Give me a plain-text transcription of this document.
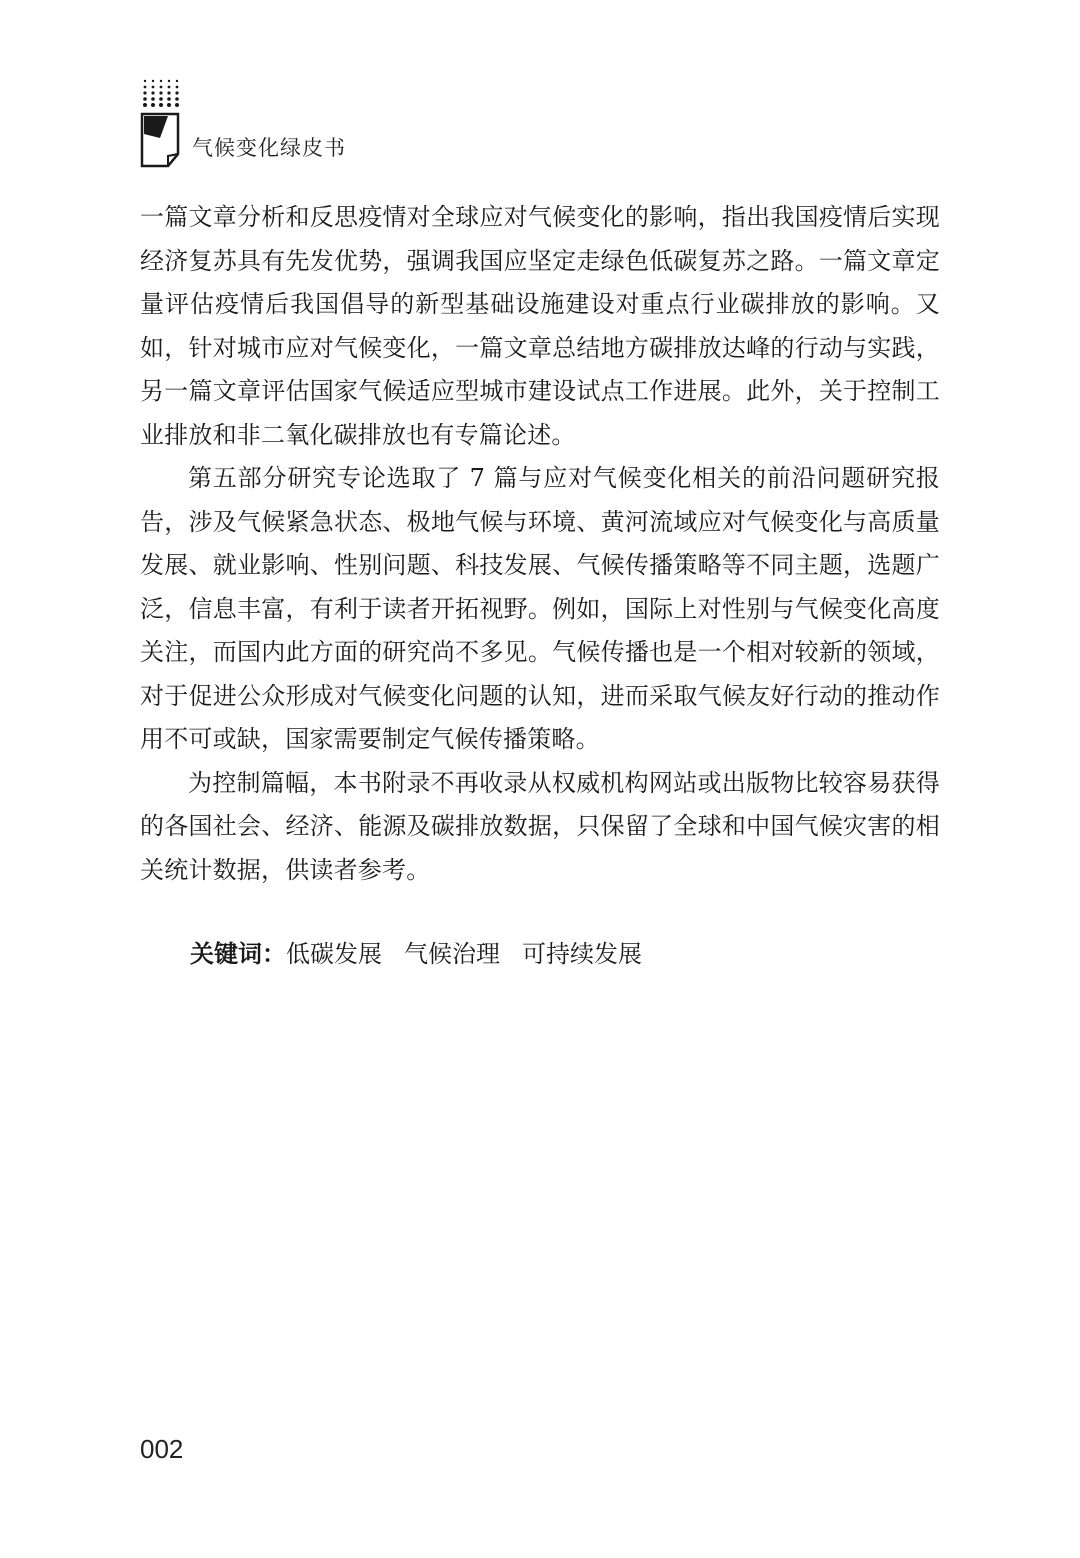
气候变化绿皮书

一篇文章分析和反思疫情对全球应对气候变化的影响，指出我国疫情后实现经济复苏具有先发优势，强调我国应坚定走绿色低碳复苏之路。一篇文章定量评估疫情后我国倡导的新型基础设施建设对重点行业碳排放的影响。又如，针对城市应对气候变化，一篇文章总结地方碳排放达峰的行动与实践，另一篇文章评估国家气候适应型城市建设试点工作进展。此外，关于控制工业排放和非二氧化碳排放也有专篇论述。

第五部分研究专论选取了 7 篇与应对气候变化相关的前沿问题研究报告，涉及气候紧急状态、极地气候与环境、黄河流域应对气候变化与高质量发展、就业影响、性别问题、科技发展、气候传播策略等不同主题，选题广泛，信息丰富，有利于读者开拓视野。例如，国际上对性别与气候变化高度关注，而国内此方面的研究尚不多见。气候传播也是一个相对较新的领域，对于促进公众形成对气候变化问题的认知，进而采取气候友好行动的推动作用不可或缺，国家需要制定气候传播策略。

为控制篇幅，本书附录不再收录从权威机构网站或出版物比较容易获得的各国社会、经济、能源及碳排放数据，只保留了全球和中国气候灾害的相关统计数据，供读者参考。

关键词：低碳发展 气候治理 可持续发展
002
